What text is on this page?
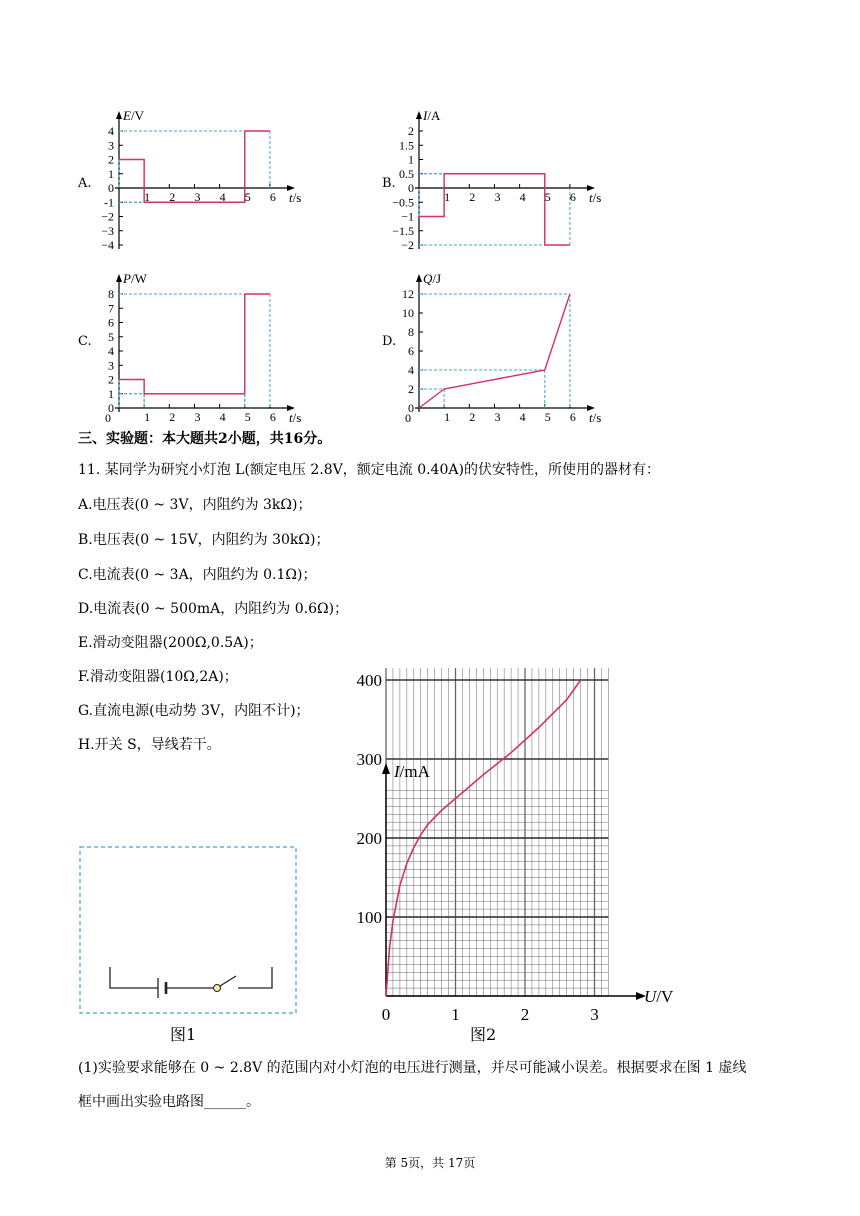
A.
E/V
t/s
4
3
2
1
0
-1
−2
−3
−4
1 2 3 4 5 6
B.
I/A
t/s
2
1.5
1
0.5
0
−0.5
−1
−1.5
−2
1 2 3 4 5 6
C.
P/W
t/s
8
7
6
5
4
3
2
1
0
1 2 3 4 5 6
0
D.
Q/J
t/s
12
10
8
6
4
2
0
1 2 3 4 5 6
0
三、实验题：本大题共2小题，共16分。
11. 某同学为研究小灯泡 L(额定电压 2.8V，额定电流 0.40A)的伏安特性，所使用的器材有：
A.电压表(0 ~ 3V，内阻约为 3kΩ)；
B.电压表(0 ~ 15V，内阻约为 30kΩ)；
C.电流表(0 ~ 3A，内阻约为 0.1Ω)；
D.电流表(0 ~ 500mA，内阻约为 0.6Ω)；
E.滑动变阻器(200Ω,0.5A)；
F.滑动变阻器(10Ω,2A)；
G.直流电源(电动势 3V，内阻不计)；
H.开关 S，导线若干。
图1
I/mA
U/V
400
300
200
100
0	1	2	3
图2
(1)实验要求能够在 0 ~ 2.8V 的范围内对小灯泡的电压进行测量，并尽可能减小误差。根据要求在图 1 虚线
框中画出实验电路图______。
第 5页，共 17页
